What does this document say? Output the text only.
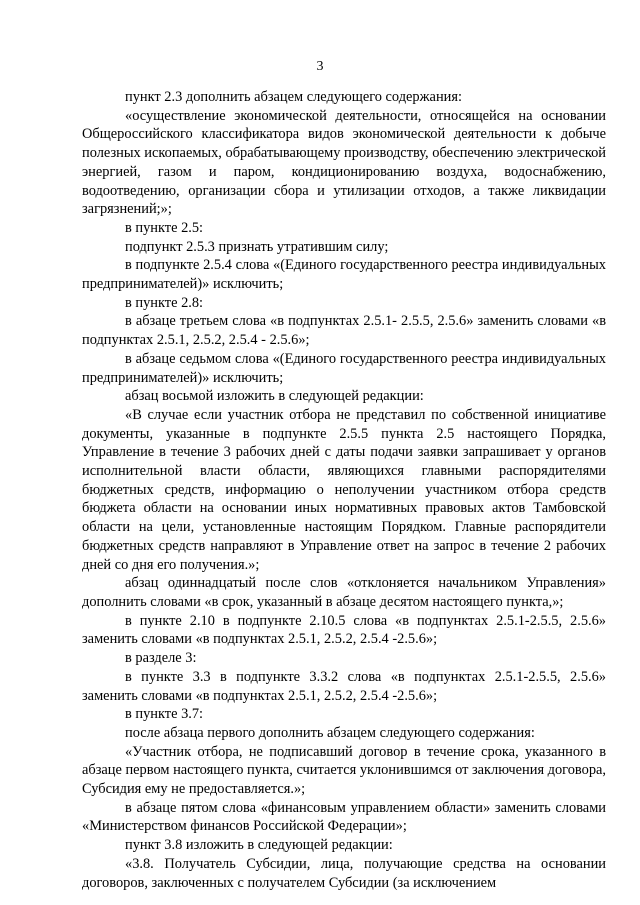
3

пункт 2.3 дополнить абзацем следующего содержания:

«осуществление экономической деятельности, относящейся на основании Общероссийского классификатора видов экономической деятельности к добыче полезных ископаемых, обрабатывающему производству, обеспечению электрической энергией, газом и паром, кондиционированию воздуха, водоснабжению, водоотведению, организации сбора и утилизации отходов, а также ликвидации загрязнений;»;

в пункте 2.5:

подпункт 2.5.3 признать утратившим силу;

в подпункте 2.5.4 слова «(Единого государственного реестра индивидуальных предпринимателей)» исключить;

в пункте 2.8:

в абзаце третьем слова «в подпунктах 2.5.1- 2.5.5, 2.5.6» заменить словами «в подпунктах 2.5.1, 2.5.2, 2.5.4 - 2.5.6»;

в абзаце седьмом слова «(Единого государственного реестра индивидуальных предпринимателей)» исключить;

абзац восьмой изложить в следующей редакции:

«В случае если участник отбора не представил по собственной инициативе документы, указанные в подпункте 2.5.5 пункта 2.5 настоящего Порядка, Управление в течение 3 рабочих дней с даты подачи заявки запрашивает у органов исполнительной власти области, являющихся главными распорядителями бюджетных средств, информацию о неполучении участником отбора средств бюджета области на основании иных нормативных правовых актов Тамбовской области на цели, установленные настоящим Порядком. Главные распорядители бюджетных средств направляют в Управление ответ на запрос в течение 2 рабочих дней со дня его получения.»;

абзац одиннадцатый после слов «отклоняется начальником Управления» дополнить словами «в срок, указанный в абзаце десятом настоящего пункта,»;

в пункте 2.10 в подпункте 2.10.5 слова «в подпунктах 2.5.1-2.5.5, 2.5.6» заменить словами «в подпунктах 2.5.1, 2.5.2, 2.5.4 -2.5.6»;

в разделе 3:

в пункте 3.3 в подпункте 3.3.2 слова «в подпунктах 2.5.1-2.5.5, 2.5.6» заменить словами «в подпунктах 2.5.1, 2.5.2, 2.5.4 -2.5.6»;

в пункте 3.7:

после абзаца первого дополнить абзацем следующего содержания:

«Участник отбора, не подписавший договор в течение срока, указанного в абзаце первом настоящего пункта, считается уклонившимся от заключения договора, Субсидия ему не предоставляется.»;

в абзаце пятом слова «финансовым управлением области» заменить словами «Министерством финансов Российской Федерации»;

пункт 3.8 изложить в следующей редакции:

«3.8. Получатель Субсидии, лица, получающие средства на основании договоров, заключенных с получателем Субсидии (за исключением
